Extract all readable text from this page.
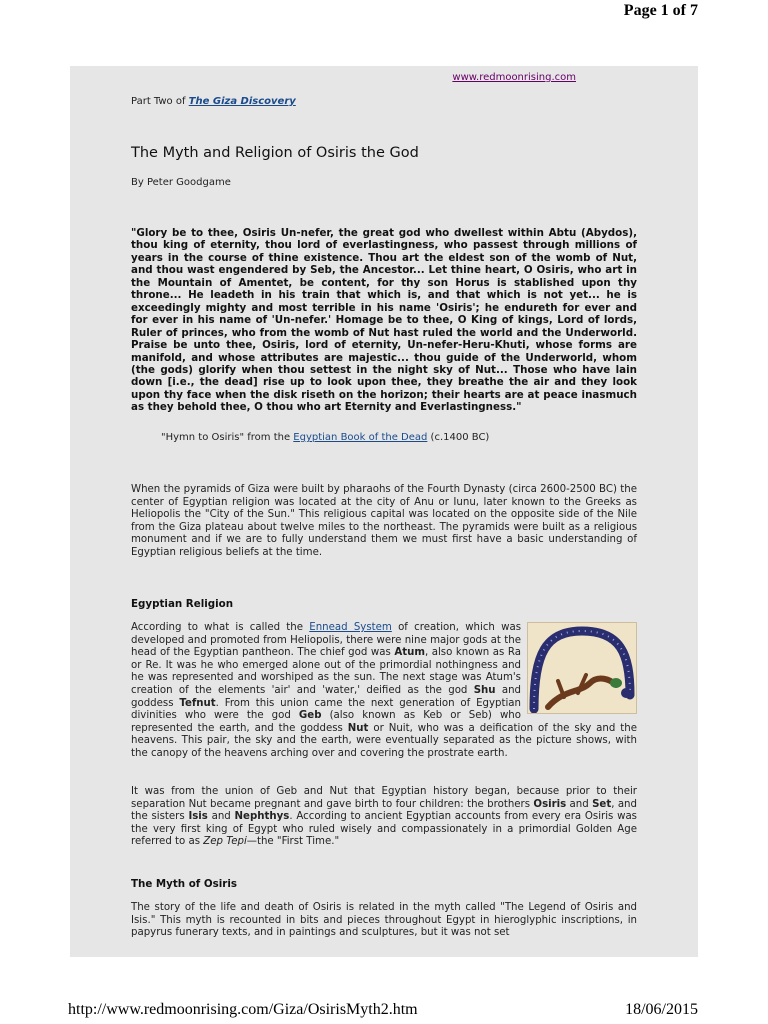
Page 1 of 7
www.redmoonrising.com
Part Two of The Giza Discovery
The Myth and Religion of Osiris the God
By Peter Goodgame

"Glory be to thee, Osiris Un-nefer, the great god who dwellest within Abtu (Abydos), thou king of eternity, thou lord of everlastingness, who passest through millions of years in the course of thine existence. Thou art the eldest son of the womb of Nut, and thou wast engendered by Seb, the Ancestor... Let thine heart, O Osiris, who art in the Mountain of Amentet, be content, for thy son Horus is stablished upon thy throne... He leadeth in his train that which is, and that which is not yet... he is exceedingly mighty and most terrible in his name 'Osiris'; he endureth for ever and for ever in his name of 'Un-nefer.' Homage be to thee, O King of kings, Lord of lords, Ruler of princes, who from the womb of Nut hast ruled the world and the Underworld. Praise be unto thee, Osiris, lord of eternity, Un-nefer-Heru-Khuti, whose forms are manifold, and whose attributes are majestic... thou guide of the Underworld, whom (the gods) glorify when thou settest in the night sky of Nut... Those who have lain down [i.e., the dead] rise up to look upon thee, they breathe the air and they look upon thy face when the disk riseth on the horizon; their hearts are at peace inasmuch as they behold thee, O thou who art Eternity and Everlastingness."

"Hymn to Osiris" from the Egyptian Book of the Dead (c.1400 BC)

When the pyramids of Giza were built by pharaohs of the Fourth Dynasty (circa 2600-2500 BC) the center of Egyptian religion was located at the city of Anu or Iunu, later known to the Greeks as Heliopolis the "City of the Sun." This religious capital was located on the opposite side of the Nile from the Giza plateau about twelve miles to the northeast. The pyramids were built as a religious monument and if we are to fully understand them we must first have a basic understanding of Egyptian religious beliefs at the time.

Egyptian Religion

According to what is called the Ennead System of creation, which was developed and promoted from Heliopolis, there were nine major gods at the head of the Egyptian pantheon. The chief god was Atum, also known as Ra or Re. It was he who emerged alone out of the primordial nothingness and he was represented and worshiped as the sun. The next stage was Atum's creation of the elements 'air' and 'water,' deified as the god Shu and goddess Tefnut. From this union came the next generation of Egyptian divinities who were the god Geb (also known as Keb or Seb) who represented the earth, and the goddess Nut or Nuit, who was a deification of the sky and the heavens. This pair, the sky and the earth, were eventually separated as the picture shows, with the canopy of the heavens arching over and covering the prostrate earth.

It was from the union of Geb and Nut that Egyptian history began, because prior to their separation Nut became pregnant and gave birth to four children: the brothers Osiris and Set, and the sisters Isis and Nephthys. According to ancient Egyptian accounts from every era Osiris was the very first king of Egypt who ruled wisely and compassionately in a primordial Golden Age referred to as Zep Tepi—the "First Time."

The Myth of Osiris

The story of the life and death of Osiris is related in the myth called "The Legend of Osiris and Isis." This myth is recounted in bits and pieces throughout Egypt in hieroglyphic inscriptions, in papyrus funerary texts, and in paintings and sculptures, but it was not set

http://www.redmoonrising.com/Giza/OsirisMyth2.htm	18/06/2015
